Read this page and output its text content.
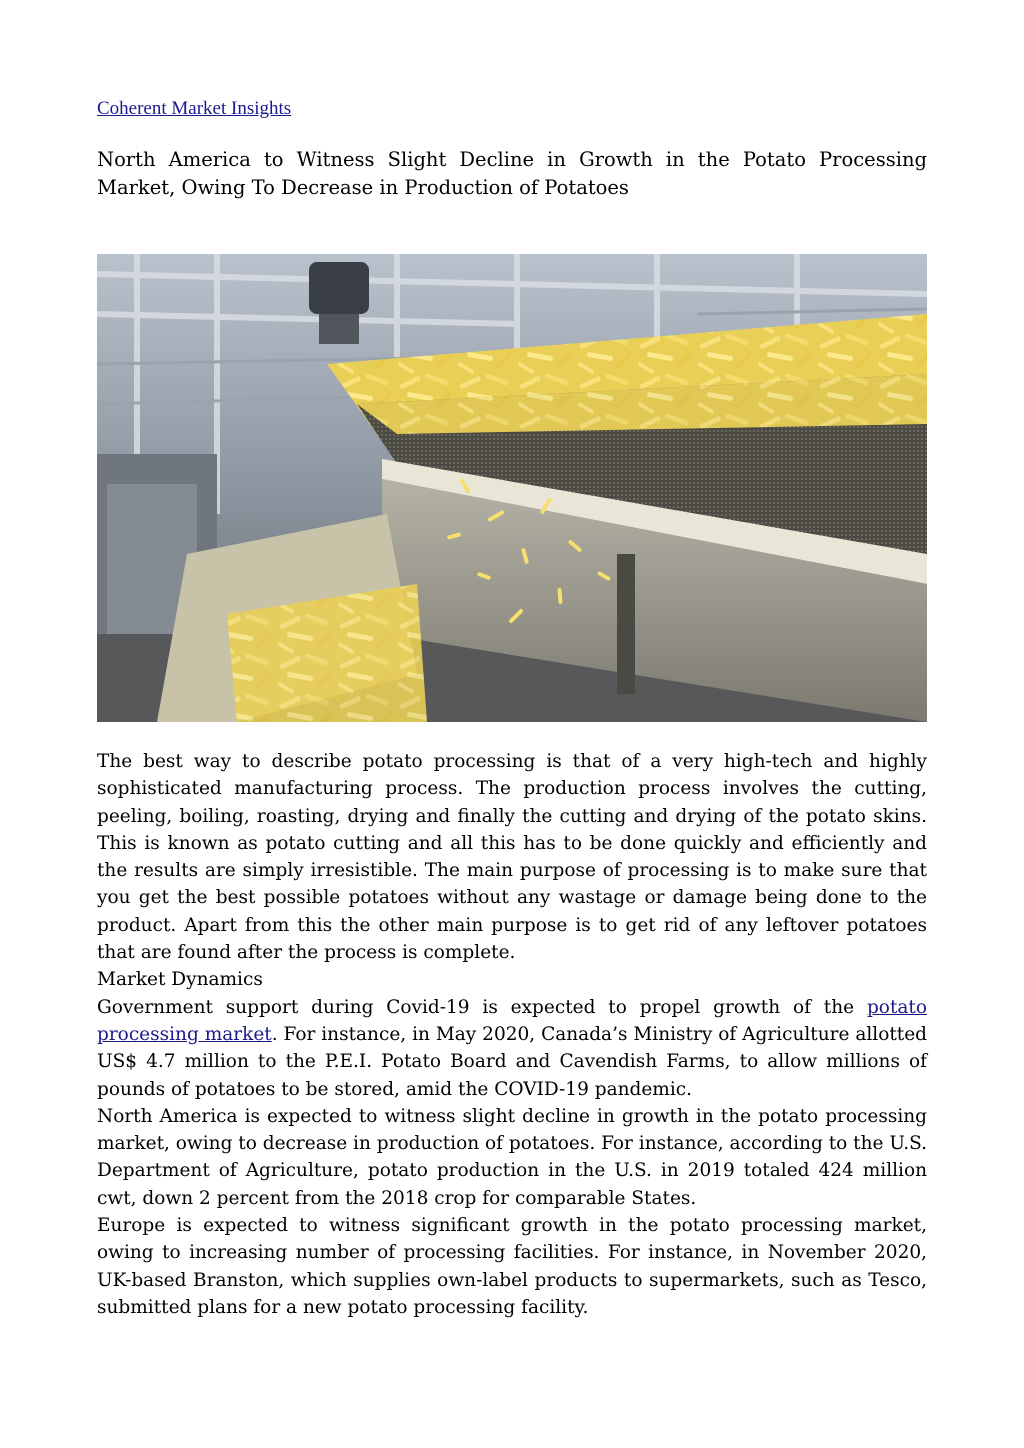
Coherent Market Insights
North America to Witness Slight Decline in Growth in the Potato Processing Market, Owing To Decrease in Production of Potatoes

The best way to describe potato processing is that of a very high-tech and highly sophisticated manufacturing process. The production process involves the cutting, peeling, boiling, roasting, drying and finally the cutting and drying of the potato skins. This is known as potato cutting and all this has to be done quickly and efficiently and the results are simply irresistible. The main purpose of processing is to make sure that you get the best possible potatoes without any wastage or damage being done to the product. Apart from this the other main purpose is to get rid of any leftover potatoes that are found after the process is complete.

Market Dynamics

Government support during Covid-19 is expected to propel growth of the potato processing market. For instance, in May 2020, Canada’s Ministry of Agriculture allotted US$ 4.7 million to the P.E.I. Potato Board and Cavendish Farms, to allow millions of pounds of potatoes to be stored, amid the COVID-19 pandemic.

North America is expected to witness slight decline in growth in the potato processing market, owing to decrease in production of potatoes. For instance, according to the U.S. Department of Agriculture, potato production in the U.S. in 2019 totaled 424 million cwt, down 2 percent from the 2018 crop for comparable States.

Europe is expected to witness significant growth in the potato processing market, owing to increasing number of processing facilities. For instance, in November 2020, UK-based Branston, which supplies own-label products to supermarkets, such as Tesco, submitted plans for a new potato processing facility.
